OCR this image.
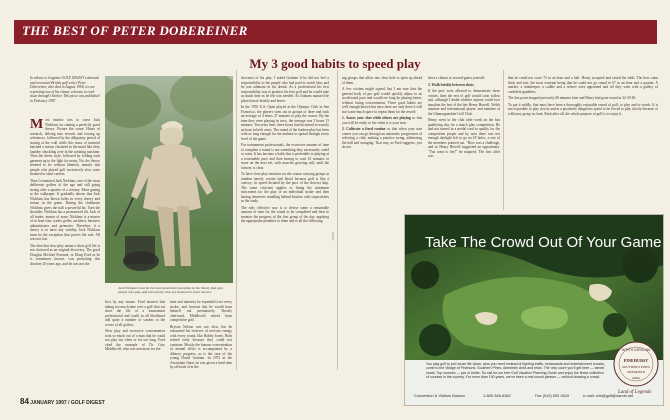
THE BEST OF PETER DOBEREINER
My 3 good habits to speed play
In tribute to longtime GOLF DIGEST columnist and renowned British golf writer Peter Dobereiner, who died in August 1996, we are reprinting one of his classic columns in each issue through October. This piece was published in February 1987.

Most instinct was to curse Jack Nicklaus for ruining a perfectly good theory. Picture the scene. Hours of research, delving into records and tossing up references, followed by the obligatory period of staring at the wall while this mass of material hatched a notion clustered in the mind like dirty laundry chuckling over in the washing machine. Then the thesis style, followed by folding each garment up to the light for many. No, the theory seemed to be without blemish, namely that people who played golf excessively slow were doomed to short careers.

Then I examined Jack Nicklaus, one of the most deliberate golfers of the age and still going strong after a quarter of a century. More gazing at the wallpaper. It gradually dawns that Jack Nicklaus has blown holes in every theory and truism in the game. During the clubhouse Nicklaus gives the ball a powerful hit. Turn the shoulder, Nicklaus has a pronounced tilt. Jack of all trades, master of none; Nicklaus is a master of at least four: trades golfer, architect, business administrator and promoter. Therefore, it a theory is to have any validity, Jack Nicklaus must be the exception that proves the rule. All was not lost.

The idea that slow play meant a short golf life is not clustered as an original discovery. The good Douglas Michael Ferrante, or Doug Ford as he is sometimes known, was preaching this doctrine 20 years ago, and he was not the

Jack Nicklaus must be the most prominent exception to the theory that says people who play golf excessively slow are doomed to short careers.

first by any means. Ford insisted that taking too much time over a golf shot cut short the life of a tournament professional and could in all likelihood add quite a number of strokes to the scores of all golfers.

Slow play and excessive concentration took so much out of a man that he could not play too often or for too long. Ford cited the example of Dr. Cary Middlecoff, who was notorious for the

time and intensity he expended over every stroke, and forecast that he would burn himself out prematurely. Shortly afterward, Middlecoff retired from competitive golf.

Bryson Nelson was not slow, but he exhausted his reserves of nervous energy with every round, like Bobby Jones. Both retired early because they could not continue. Mostly the famous concentration of mental effort is accompanied by a dilatory progress, as is the case of the young David Graham. In 1972 at the Australian Open, he was given a hard time by officials over the

slowness of his play. I asked Graham if he did not feel a responsibility to the people who had paid to watch him, and he was adamant in his denial. As a professional his first responsibility was to produce his best golf and he would take as much time as he felt was needed. As Graham matured he played more briskly and better.

In the 1955 U.S. Open played at the Olympic Club in San Francisco, the players went out in groups of three and took an average of 4 hours 27 minutes to play the course. By the time they were playing in twos, the average was 5 hours 15 minutes. Ten years later, three hours had increased to exactly an hour in both cases. The round of the leaders-play has been with us long enough for the malaise to spread through every level of the game.

For tournament professionals, the excessive amount of time to complete a round is not something they necessarily could or want. It has become a habit that is preferable to playing at a reasonable pace and then having to wait 10 minutes or more on the next tee, with muscles growing stiff, until the fairway is clear.

To have slow-play monitors on the course carrying groups at random merely creates bad blood because golf is like a convoy; its speed dictated by the pace of the slowest ship. The same criticism applies to fining the minimum miscreants for the play of an individual stroke and then having observers trundling behind brushes with stopwatches as the study.

The only effective way is to devise some a reasonable amount of time for the round to be completed and then to monitor the progress of the first group of the day, applying the appropriate penalties to them and to all the following

#####

ing groups that allow one clear hole to open up ahead of them.

A few victims might squeal, but I am sure that the general body of pro golf would quickly adjust to an accelerated pace and would ere long be playing better, without losing concentration. Three good habits are well enough known but once there are only three it will not waste much space to repeat them for the record:

1. Assess your shot while others are playing so that you will be ready to fire when it is your turn.

2. Cultivate a fixed routine so that when your turn comes you can go through an automatic progression of selecting a club, making a practice swing, addressing the ball and swinging. That way, as Ford suggests, you do not

have a chance to second-guess yourself.

3. Walk briskly between shots.

If the pros were allowed to demonstrate these virtues, then the rest of golf would soon follow suit, although I doubt whether anyone could ever simulate the feat of the late Henry Howell, Welsh amateur and international player, and member of the Glamorganshire Golf Club.

Henry went to the club after work on the last qualifying day for a match play competition. He had not turned in a medal card to qualify for the competition proper and by now there was not enough daylight left to go an 18 holes, a one of the members pointed out. "How was a challenge, and so Henry Howell suggested an opportunity. "You want to bet?" he inquired. The first offer was

that he could not score 72 in an hour and a half. Henry accepted and raised the odds. The bets came thick and fast, the most extreme being that he could not go round in 67 in an hour and a quarter. A marker, a timekeeper, a caddie and a referee were appointed and off they went with a gallery of confident gamblers.

The last point dropped precisely 68 minutes later and Henry had gone round in 32-33-65.

To put it mildly, that must have been a thoroughly enjoyable round of golf, to play and to watch. It is not exposable to play slowly and at a positively dangerous speed to be forced to play slowly because of a dilatory group in front. Rush after all, the whole purpose of golf is to enjoy it.

Take The Crowd Out Of Your Game
You play golf to put house life down, slow you need instead of fighting traffic, restaurants and entertainment crowds, come to the Village of Pinehurst, Southern Pines, Aberdeen Area and relax. The only score you'll get here — tamed roads. Top courses — par or birdie. So call for our free Golf Vacation Planning Guide and enjoy the finest collection of courses in the country. For more than 100 years, we've been a real crowd pleaser — without drawing a crowd.
NORTH CAROLINA
PINEHURST
SOUTHERN PINES
ABERDEEN
AREA
Land of Legends
Convention & Visitors Bureau	1-800-346-5362	Fax (910) 692-2619	e-mail: cvb@golf@nando.net
84 JANUARY 1997 / GOLF DIGEST
